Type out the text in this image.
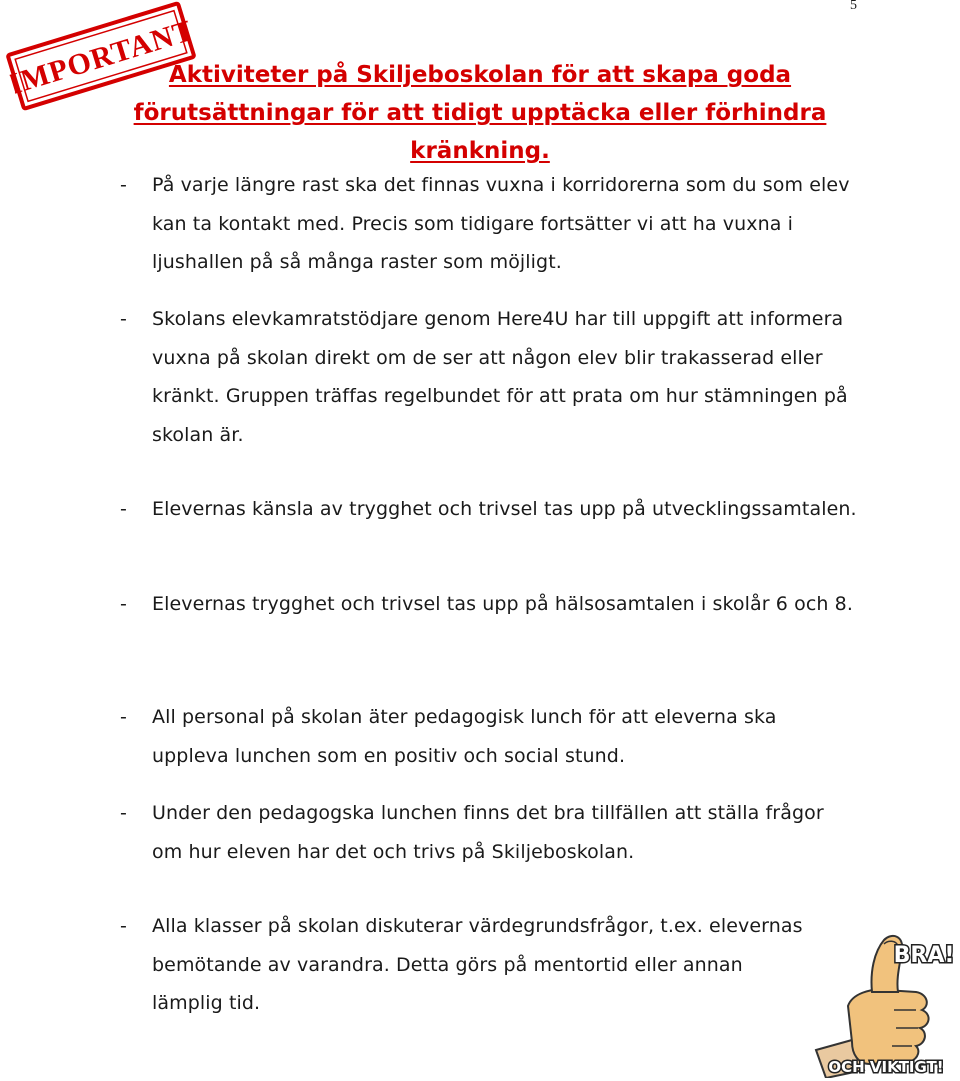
5
IMPORTANT
Aktiviteter på Skiljeboskolan för att skapa goda
förutsättningar för att tidigt upptäcka eller förhindra
kränkning.
- På varje längre rast ska det finnas vuxna i korridorerna som du som elev kan ta kontakt med. Precis som tidigare fortsätter vi att ha vuxna i ljushallen på så många raster som möjligt.
- Skolans elevkamratstödjare genom Here4U har till uppgift att informera vuxna på skolan direkt om de ser att någon elev blir trakasserad eller kränkt. Gruppen träffas regelbundet för att prata om hur stämningen på skolan är.
- Elevernas känsla av trygghet och trivsel tas upp på utvecklingssamtalen.
- Elevernas trygghet och trivsel tas upp på hälsosamtalen i skolår 6 och 8.
- All personal på skolan äter pedagogisk lunch för att eleverna ska uppleva lunchen som en positiv och social stund.
- Under den pedagogska lunchen finns det bra tillfällen att ställa frågor om hur eleven har det och trivs på Skiljeboskolan.
- Alla klasser på skolan diskuterar värdegrundsfrågor, t.ex. elevernas bemötande av varandra. Detta görs på mentortid eller annan lämplig tid.
BRA!
OCH VIKTIGT!
